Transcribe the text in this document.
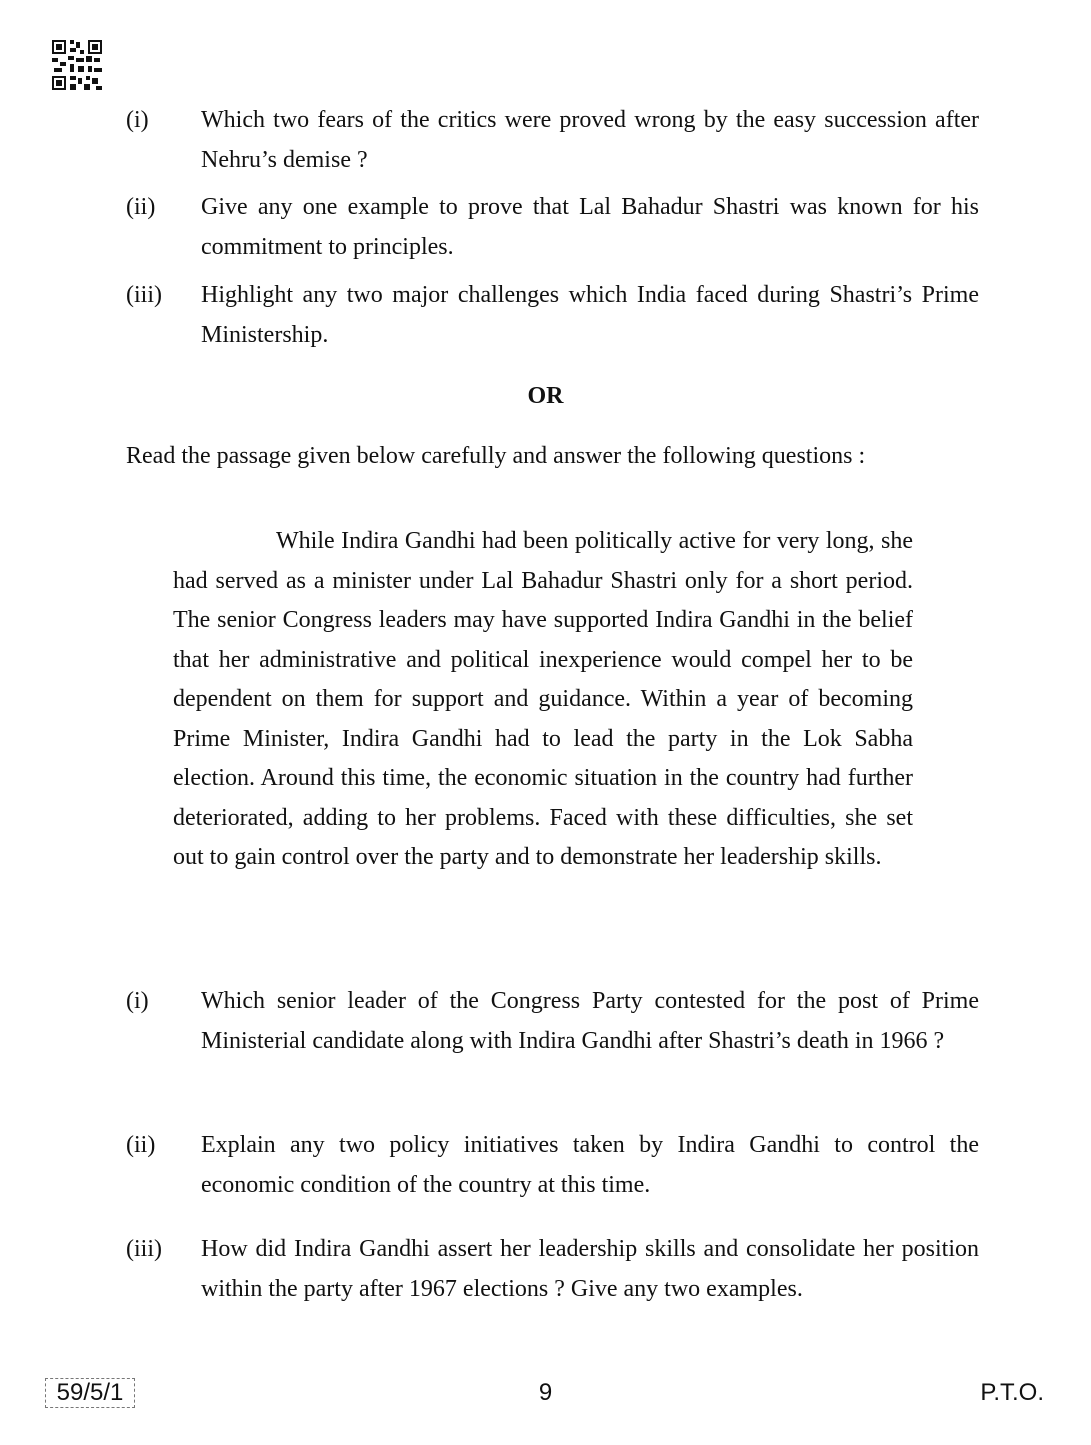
(i) Which two fears of the critics were proved wrong by the easy succession after Nehru’s demise ?
(ii) Give any one example to prove that Lal Bahadur Shastri was known for his commitment to principles.
(iii) Highlight any two major challenges which India faced during Shastri’s Prime Ministership.
OR
Read the passage given below carefully and answer the following questions :
While Indira Gandhi had been politically active for very long, she had served as a minister under Lal Bahadur Shastri only for a short period. The senior Congress leaders may have supported Indira Gandhi in the belief that her administrative and political inexperience would compel her to be dependent on them for support and guidance. Within a year of becoming Prime Minister, Indira Gandhi had to lead the party in the Lok Sabha election. Around this time, the economic situation in the country had further deteriorated, adding to her problems. Faced with these difficulties, she set out to gain control over the party and to demonstrate her leadership skills.
(i) Which senior leader of the Congress Party contested for the post of Prime Ministerial candidate along with Indira Gandhi after Shastri’s death in 1966 ?
(ii) Explain any two policy initiatives taken by Indira Gandhi to control the economic condition of the country at this time.
(iii) How did Indira Gandhi assert her leadership skills and consolidate her position within the party after 1967 elections ? Give any two examples.
59/5/1	9	P.T.O.
